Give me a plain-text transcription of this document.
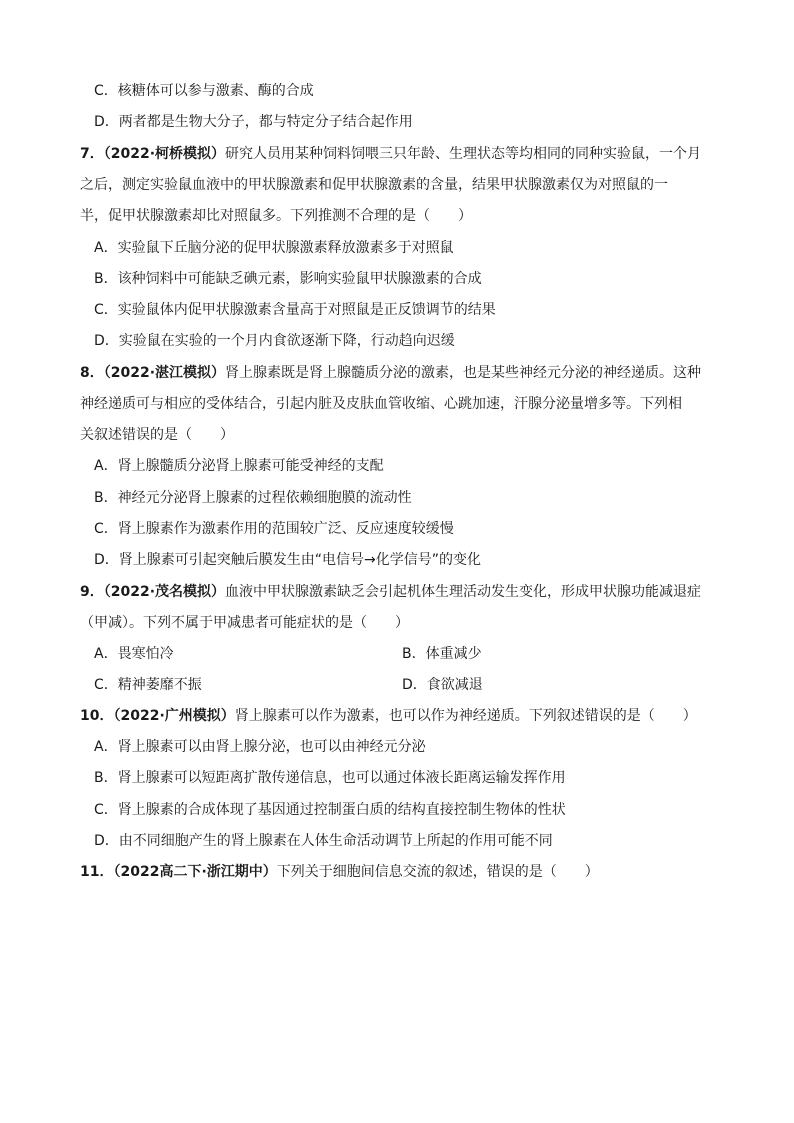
C．核糖体可以参与激素、酶的合成
D．两者都是生物大分子，都与特定分子结合起作用
7．（2022·柯桥模拟）研究人员用某种饲料饲喂三只年龄、生理状态等均相同的同种实验鼠，一个月
之后，测定实验鼠血液中的甲状腺激素和促甲状腺激素的含量，结果甲状腺激素仅为对照鼠的一
半，促甲状腺激素却比对照鼠多。下列推测不合理的是（　　）
A．实验鼠下丘脑分泌的促甲状腺激素释放激素多于对照鼠
B．该种饲料中可能缺乏碘元素，影响实验鼠甲状腺激素的合成
C．实验鼠体内促甲状腺激素含量高于对照鼠是正反馈调节的结果
D．实验鼠在实验的一个月内食欲逐渐下降，行动趋向迟缓
8．（2022·湛江模拟）肾上腺素既是肾上腺髓质分泌的激素，也是某些神经元分泌的神经递质。这种
神经递质可与相应的受体结合，引起内脏及皮肤血管收缩、心跳加速，汗腺分泌量增多等。下列相
关叙述错误的是（　　）
A．肾上腺髓质分泌肾上腺素可能受神经的支配
B．神经元分泌肾上腺素的过程依赖细胞膜的流动性
C．肾上腺素作为激素作用的范围较广泛、反应速度较缓慢
D．肾上腺素可引起突触后膜发生由“电信号→化学信号”的变化
9．（2022·茂名模拟）血液中甲状腺激素缺乏会引起机体生理活动发生变化，形成甲状腺功能减退症
（甲减）。下列不属于甲减患者可能症状的是（　　）
A．畏寒怕冷	B．体重减少
C．精神萎靡不振	D．食欲减退
10．（2022·广州模拟）肾上腺素可以作为激素，也可以作为神经递质。下列叙述错误的是（　　）
A．肾上腺素可以由肾上腺分泌，也可以由神经元分泌
B．肾上腺素可以短距离扩散传递信息，也可以通过体液长距离运输发挥作用
C．肾上腺素的合成体现了基因通过控制蛋白质的结构直接控制生物体的性状
D．由不同细胞产生的肾上腺素在人体生命活动调节上所起的作用可能不同
11．（2022高二下·浙江期中）下列关于细胞间信息交流的叙述，错误的是（　　）
